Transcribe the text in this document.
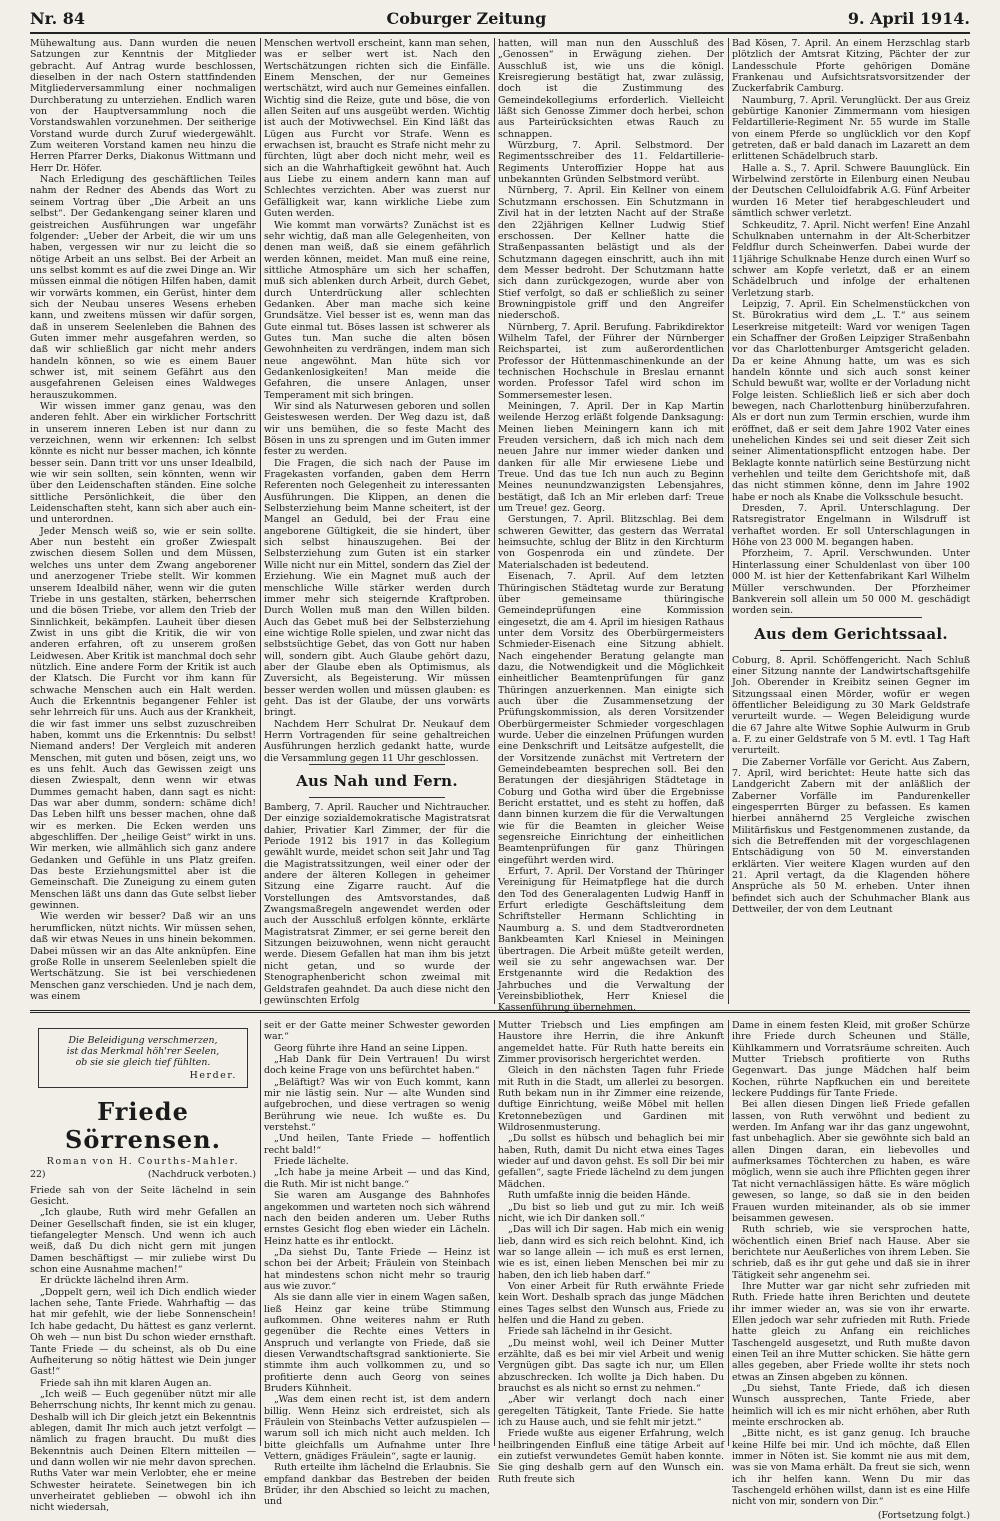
Nr. 84	Coburger Zeitung	9. April 1914.

Mühewaltung aus. Dann wurden die neuen Satzungen zur Kenntnis der Mitglieder gebracht. Auf Antrag wurde beschlossen, dieselben in der nach Ostern stattfindenden Mitgliederversammlung einer nochmaligen Durchberatung zu unterziehen. Endlich waren von der Hauptversammlung noch die Vorstandswahlen vorzunehmen. Der seitherige Vorstand wurde durch Zuruf wiedergewählt. Zum weiteren Vorstand kamen neu hinzu die Herren Pfarrer Derks, Diakonus Wittmann und Herr Dr. Höfer.

Nach Erledigung des geschäftlichen Teiles nahm der Redner des Abends das Wort zu seinem Vortrag über „Die Arbeit an uns selbst“. Der Gedankengang seiner klaren und geistreichen Ausführungen war ungefähr folgender: „Ueber der Arbeit, die wir um uns haben, vergessen wir nur zu leicht die so nötige Arbeit an uns selbst. Bei der Arbeit an uns selbst kommt es auf die zwei Dinge an. Wir müssen einmal die nötigen Hilfen haben, damit wir vorwärts kommen, ein Gerüst, hinter dem sich der Neubau unseres Wesens erheben kann, und zweitens müssen wir dafür sorgen, daß in unserem Seelenleben die Bahnen des Guten immer mehr ausgefahren werden, so daß wir schließlich gar nicht mehr anders handeln können, so wie es einem Bauer schwer ist, mit seinem Gefährt aus den ausgefahrenen Geleisen eines Waldweges herauszukommen.

Wir wissen immer ganz genau, was den anderen fehlt. Aber ein wirklicher Fortschritt in unserem inneren Leben ist nur dann zu verzeichnen, wenn wir erkennen: Ich selbst könnte es nicht nur besser machen, ich könnte besser sein. Dann tritt vor uns unser Idealbild, wie wir sein sollten, sein könnten, wenn wir über den Leidenschaften ständen. Eine solche sittliche Persönlichkeit, die über den Leidenschaften steht, kann sich aber auch ein- und unterordnen.

Jeder Mensch weiß so, wie er sein sollte. Aber nun besteht ein großer Zwiespalt zwischen diesem Sollen und dem Müssen, welches uns unter dem Zwang angeborener und anerzogener Triebe stellt. Wir kommen unserem Idealbild näher, wenn wir die guten Triebe in uns gestalten, stärken, beherrschen und die bösen Triebe, vor allem den Trieb der Sinnlichkeit, bekämpfen. Lauheit über diesen Zwist in uns gibt die Kritik, die wir von anderen erfahren, oft zu unserem großen Leidwesen. Aber Kritik ist manchmal doch sehr nützlich. Eine andere Form der Kritik ist auch der Klatsch. Die Furcht vor ihm kann für schwache Menschen auch ein Halt werden. Auch die Erkenntnis begangener Fehler ist sehr lehrreich für uns. Auch aus der Krankheit, die wir fast immer uns selbst zuzuschreiben haben, kommt uns die Erkenntnis: Du selbst! Niemand anders! Der Vergleich mit anderen Menschen, mit guten und bösen, zeigt uns, wo es uns fehlt. Auch das Gewissen zeigt uns diesen Zwiespalt, denn wenn wir etwas Dummes gemacht haben, dann sagt es nicht: Das war aber dumm, sondern: schäme dich! Das Leben hilft uns besser machen, ohne daß wir es merken. Die Ecken werden uns abgeschliffen. Der „heilige Geist“ wirkt in uns. Wir merken, wie allmählich sich ganz andere Gedanken und Gefühle in uns Platz greifen. Das beste Erziehungsmittel aber ist die Gemeinschaft. Die Zuneigung zu einem guten Menschen läßt uns dann das Gute selbst lieber gewinnen.

Wie werden wir besser? Daß wir an uns herumflicken, nützt nichts. Wir müssen sehen, daß wir etwas Neues in uns hinein bekommen. Dabei müssen wir an das Alte anknüpfen. Eine große Rolle in unserem Seelenleben spielt die Wertschätzung. Sie ist bei verschiedenen Menschen ganz verschieden. Und je nach dem, was einem

Menschen wertvoll erscheint, kann man sehen, was er selber wert ist. Nach den Wertschätzungen richten sich die Einfälle. Einem Menschen, der nur Gemeines wertschätzt, wird auch nur Gemeines einfallen. Wichtig sind die Reize, gute und böse, die von allen Seiten auf uns ausgeübt werden. Wichtig ist auch der Motivwechsel. Ein Kind läßt das Lügen aus Furcht vor Strafe. Wenn es erwachsen ist, braucht es Strafe nicht mehr zu fürchten, lügt aber doch nicht mehr, weil es sich an die Wahrhaftigkeit gewöhnt hat. Auch aus Liebe zu einem andern kann man auf Schlechtes verzichten. Aber was zuerst nur Gefälligkeit war, kann wirkliche Liebe zum Guten werden.

Wie kommt man vorwärts? Zunächst ist es sehr wichtig, daß man alle Gelegenheiten, von denen man weiß, daß sie einem gefährlich werden können, meidet. Man muß eine reine, sittliche Atmosphäre um sich her schaffen, muß sich ablenken durch Arbeit, durch Gebet, durch Unterdrückung aller schlechten Gedanken. Aber man mache sich keine Grundsätze. Viel besser ist es, wenn man das Gute einmal tut. Böses lassen ist schwerer als Gutes tun. Man suche die alten bösen Gewohnheiten zu verdrängen, indem man sich neue angewöhnt. Man hüte sich vor Gedankenlosigkeiten! Man meide die Gefahren, die unsere Anlagen, unser Temperament mit sich bringen.

Wir sind als Naturwesen geboren und sollen Geisteswesen werden. Der Weg dazu ist, daß wir uns bemühen, die so feste Macht des Bösen in uns zu sprengen und im Guten immer fester zu werden.

Die Fragen, die sich nach der Pause im Fragekasten vorfanden, gaben dem Herrn Referenten noch Gelegenheit zu interessanten Ausführungen. Die Klippen, an denen die Selbsterziehung beim Manne scheitert, ist der Mangel an Geduld, bei der Frau eine angeborene Gültigkeit, die sie hindert, über sich selbst hinauszugehen. Bei der Selbsterziehung zum Guten ist ein starker Wille nicht nur ein Mittel, sondern das Ziel der Erziehung. Wie ein Magnet muß auch der menschliche Wille stärker werden durch immer mehr sich steigernde Kraftproben. Durch Wollen muß man den Willen bilden. Auch das Gebet muß bei der Selbsterziehung eine wichtige Rolle spielen, und zwar nicht das selbstsüchtige Gebet, das von Gott nur haben will, sondern gibt. Auch Glaube gehört dazu, aber der Glaube eben als Optimismus, als Zuversicht, als Begeisterung. Wir müssen besser werden wollen und müssen glauben: es geht. Das ist der Glaube, der uns vorwärts bringt.

Nachdem Herr Schulrat Dr. Neukauf dem Herrn Vortragenden für seine gehaltreichen Ausführungen herzlich gedankt hatte, wurde die Versammlung gegen 11 Uhr geschlossen.

Aus Nah und Fern.

Bamberg, 7. April. Raucher und Nichtraucher. Der einzige sozialdemokratische Magistratsrat dahier, Privatier Karl Zimmer, der für die Periode 1912 bis 1917 in das Kollegium gewählt wurde, meidet schon seit Jahr und Tag die Magistratssitzungen, weil einer oder der andere der älteren Kollegen in geheimer Sitzung eine Zigarre raucht. Auf die Vorstellungen des Amtsvorstandes, daß Zwangsmaßregeln angewendet werden oder auch der Ausschluß erfolgen könnte, erklärte Magistratsrat Zimmer, er sei gerne bereit den Sitzungen beizuwohnen, wenn nicht geraucht werde. Diesem Gefallen hat man ihm bis jetzt nicht getan, und so wurde der Stenographenbericht schon zweimal mit Geldstrafen geahndet. Da auch diese nicht den gewünschten Erfolg

hatten, will man nun den Ausschluß des „Genossen“ in Erwägung ziehen. Der Ausschluß ist, wie uns die königl. Kreisregierung bestätigt hat, zwar zulässig, doch ist die Zustimmung des Gemeindekollegiums erforderlich. Vielleicht läßt sich Genosse Zimmer doch herbei, schon aus Parteirücksichten etwas Rauch zu schnappen.

Würzburg, 7. April. Selbstmord. Der Regimentsschreiber des 11. Feldartillerie-Regiments Unteroffizier Hoppe hat aus unbekannten Gründen Selbstmord verübt.

Nürnberg, 7. April. Ein Kellner von einem Schutzmann erschossen. Ein Schutzmann in Zivil hat in der letzten Nacht auf der Straße den 22jährigen Kellner Ludwig Stief erschossen. Der Kellner hatte die Straßenpassanten belästigt und als der Schutzmann dagegen einschritt, auch ihn mit dem Messer bedroht. Der Schutzmann hatte sich dann zurückgezogen, wurde aber von Stief verfolgt, so daß er schließlich zu seiner Browningpistole griff und den Angreifer niederschoß.

Nürnberg, 7. April. Berufung. Fabrikdirektor Wilhelm Tafel, der Führer der Nürnberger Reichspartei, ist zum außerordentlichen Professor der Hüttenmaschinenkunde an der technischen Hochschule in Breslau ernannt worden. Professor Tafel wird schon im Sommersemester lesen.

Meiningen, 7. April. Der in Kap Martin weilende Herzog erläßt folgende Danksagung: Meinen lieben Meiningern kann ich mit Freuden versichern, daß ich mich nach dem neuen Jahre nur immer wieder danken und danken für alle Mir erwiesene Liebe und Treue. Und das tue Ich nun auch zu Beginn Meines neunundzwanzigsten Lebensjahres, bestätigt, daß Ich an Mir erleben darf: Treue um Treue! gez. Georg.

Gerstungen, 7. April. Blitzschlag. Bei dem schweren Gewitter, das gestern das Werratal heimsuchte, schlug der Blitz in den Kirchturm von Gospenroda ein und zündete. Der Materialschaden ist bedeutend.

Eisenach, 7. April. Auf dem letzten Thüringischen Städtetag wurde zur Beratung über gemeinsame thüringische Gemeindeprüfungen eine Kommission eingesetzt, die am 4. April im hiesigen Rathaus unter dem Vorsitz des Oberbürgermeisters Schmieder-Eisenach eine Sitzung abhielt. Nach eingehender Beratung gelangte man dazu, die Notwendigkeit und die Möglichkeit einheitlicher Beamtenprüfungen für ganz Thüringen anzuerkennen. Man einigte sich auch über die Zusammensetzung der Prüfungskommission, als deren Vorsitzender Oberbürgermeister Schmieder vorgeschlagen wurde. Ueber die einzelnen Prüfungen wurden eine Denkschrift und Leitsätze aufgestellt, die der Vorsitzende zunächst mit Vertretern der Gemeindebeamten besprechen soll. Bei den Beratungen der diesjährigen Städtetage in Coburg und Gotha wird über die Ergebnisse Bericht erstattet, und es steht zu hoffen, daß dann binnen kurzem die für die Verwaltungen wie für die Beamten in gleicher Weise segensreiche Einrichtung der einheitlichen Beamtenprüfungen für ganz Thüringen eingeführt werden wird.

Erfurt, 7. April. Der Vorstand der Thüringer Vereinigung für Heimatpflege hat die durch den Tod des Generalagenten Ludwig Hanff in Erfurt erledigte Geschäftsleitung dem Schriftsteller Hermann Schlichting in Naumburg a. S. und dem Stadtverordneten Bankbeamten Karl Kniesel in Meiningen übertragen. Die Arbeit müßte geteilt werden, weil sie zu sehr angewachsen war. Der Erstgenannte wird die Redaktion des Jahrbuches und die Verwaltung der Vereinsbibliothek, Herr Kniesel die Kassenführung übernehmen.

Bad Kösen, 7. April. An einem Herzschlag starb plötzlich der Amtsrat Kitzing, Pächter der zur Landesschule Pforte gehörigen Domäne Frankenau und Aufsichtsratsvorsitzender der Zuckerfabrik Camburg.

Naumburg, 7. April. Verunglückt. Der aus Greiz gebürtige Kanonier Zimmermann vom hiesigen Feldartillerie-Regiment Nr. 55 wurde im Stalle von einem Pferde so unglücklich vor den Kopf getreten, daß er bald danach im Lazarett an dem erlittenen Schädelbruch starb.

Halle a. S., 7. April. Schwere Bauunglück. Ein Wirbelwind zerstörte in Eilenburg einen Neubau der Deutschen Celluloidfabrik A.G. Fünf Arbeiter wurden 16 Meter tief herabgeschleudert und sämtlich schwer verletzt.

Schkeuditz, 7. April. Nicht werfen! Eine Anzahl Schulknaben unternahm in der Alt-Scherbitzer Feldflur durch Scheinwerfen. Dabei wurde der 11jährige Schulknabe Henze durch einen Wurf so schwer am Kopfe verletzt, daß er an einem Schädelbruch und infolge der erhaltenen Verletzung starb.

Leipzig, 7. April. Ein Schelmenstückchen von St. Bürokratius wird dem „L. T.“ aus seinem Leserkreise mitgeteilt: Ward vor wenigen Tagen ein Schaffner der Großen Leipziger Straßenbahn vor das Charlottenburger Amtsgericht geladen. Da er keine Ahnung hatte, um was es sich handeln könnte und sich auch sonst keiner Schuld bewußt war, wollte er der Vorladung nicht Folge leisten. Schließlich ließ er sich aber doch bewegen, nach Charlottenburg hinüberzufahren. Als er dort nun zum Termin erschien, wurde ihm eröffnet, daß er seit dem Jahre 1902 Vater eines unehelichen Kindes sei und seit dieser Zeit sich seiner Alimentationspflicht entzogen habe. Der Beklagte konnte natürlich seine Bestürzung nicht verhehlen und teilte dem Gerichtshofe mit, daß das nicht stimmen könne, denn im Jahre 1902 habe er noch als Knabe die Volksschule besucht.

Dresden, 7. April. Unterschlagung. Der Ratsregistrator Engelmann in Wilsdruff ist verhaftet worden. Er soll Unterschlagungen in Höhe von 23 000 M. begangen haben.

Pforzheim, 7. April. Verschwunden. Unter Hinterlassung einer Schuldenlast von über 100 000 M. ist hier der Kettenfabrikant Karl Wilhelm Müller verschwunden. Der Pforzheimer Bankverein soll allein um 50 000 M. geschädigt worden sein.

Aus dem Gerichtssaal.

Coburg, 8. April. Schöffengericht. Nach Schluß einer Sitzung nannte der Landwirtschaftsgehilfe Joh. Oberender in Kreibitz seinen Gegner im Sitzungssaal einen Mörder, wofür er wegen öffentlicher Beleidigung zu 30 Mark Geldstrafe verurteilt wurde. — Wegen Beleidigung wurde die 67 Jahre alte Witwe Sophie Aulwurm in Grub a. F. zu einer Geldstrafe von 5 M. evtl. 1 Tag Haft verurteilt.

Die Zaberner Vorfälle vor Gericht. Aus Zabern, 7. April, wird berichtet: Heute hatte sich das Landgericht Zabern mit der anläßlich der Zaberner Vorfälle im Pandurenkeller eingesperrten Bürger zu befassen. Es kamen hierbei annähernd 25 Vergleiche zwischen Militärfiskus und Festgenommenen zustande, da sich die Betreffenden mit der vorgeschlagenen Entschädigung von 50 M. einverstanden erklärten. Vier weitere Klagen wurden auf den 21. April vertagt, da die Klagenden höhere Ansprüche als 50 M. erheben. Unter ihnen befindet sich auch der Schuhmacher Blank aus Dettweiler, der von dem Leutnant

Die Beleidigung verschmerzen,
ist das Merkmal höh'rer Seelen,
ob sie sie gleich tief fühlten.
Herder.
Friede Sörrensen.
Roman von H. Courths-Mahler.
22)	(Nachdruck verboten.)

Friede sah von der Seite lächelnd in sein Gesicht.

„Ich glaube, Ruth wird mehr Gefallen an Deiner Gesellschaft finden, sie ist ein kluger, tiefangelegter Mensch. Und wenn ich auch weiß, daß Du dich nicht gern mit jungen Damen beschäftigst — mir zuliebe wirst Du schon eine Ausnahme machen!“

Er drückte lächelnd ihren Arm.

„Doppelt gern, weil ich Dich endlich wieder lachen sehe, Tante Friede. Wahrhaftig — das hat mir gefehlt, wie der liebe Sonnenschein! Ich habe gedacht, Du hättest es ganz verlernt. Oh weh — nun bist Du schon wieder ernsthaft. Tante Friede — du scheinst, als ob Du eine Aufheiterung so nötig hättest wie Dein junger Gast!“

Friede sah ihn mit klaren Augen an.

„Ich weiß — Euch gegenüber nützt mir alle Beherrschung nichts, Ihr kennt mich zu genau. Deshalb will ich Dir gleich jetzt ein Bekenntnis ablegen, damit Ihr mich auch jetzt verfolgt — nämlich zu fragen braucht. Du mußt dies Bekenntnis auch Deinen Eltern mitteilen — und dann wollen wir nie mehr davon sprechen. Ruths Vater war mein Verlobter, ehe er meine Schwester heiratete. Seinetwegen bin ich unverheiratet geblieben — obwohl ich ihn nicht wiedersah,

seit er der Gatte meiner Schwester geworden war.“

Georg führte ihre Hand an seine Lippen.

„Hab Dank für Dein Vertrauen! Du wirst doch keine Frage von uns befürchtet haben.“

„Beläftigt? Was wir von Euch kommt, kann mir nie lästig sein. Nur — alte Wunden sind aufgebrochen, und diese vertragen so wenig Berührung wie neue. Ich wußte es. Du verstehst.“

„Und heilen, Tante Friede — hoffentlich recht bald!“

Friede lächelte.

„Ich habe ja meine Arbeit — und das Kind, die Ruth. Mir ist nicht bange.“

Sie waren am Ausgange des Bahnhofes angekommen und warteten noch sich während nach den beiden anderen um. Ueber Ruths ernstes Gesicht flog eben wieder ein Lächeln. Heinz hatte es ihr entlockt.

„Da siehst Du, Tante Friede — Heinz ist schon bei der Arbeit; Fräulein von Steinbach hat mindestens schon nicht mehr so traurig aus wie zuvor.“

Als sie dann alle vier in einem Wagen saßen, ließ Heinz gar keine trübe Stimmung aufkommen. Ohne weiteres nahm er Ruth gegenüber die Rechte eines Vetters in Anspruch und verlangte von Friede, daß sie diesen Verwandtschaftsgrad sanktionierte. Sie stimmte ihm auch vollkommen zu, und so profitierte denn auch Georg von seines Bruders Kühnheit.

„Was dem einen recht ist, ist dem andern billig. Wenn Heinz sich erdreistet, sich als Fräulein von Steinbachs Vetter aufzuspielen — warum soll ich mich nicht auch melden. Ich bitte gleichfalls um Aufnahme unter Ihre Vettern, gnädiges Fräulein“, sagte er launig.

Ruth erteilte ihm lächelnd die Erlaubnis. Sie empfand dankbar das Bestreben der beiden Brüder, ihr den Abschied so leicht zu machen, und

Mutter Triebsch und Lies empfingen am Haustore ihre Herrin, die ihre Ankunft angemeldet hatte. Für Ruth hatte bereits ein Zimmer provisorisch hergerichtet werden.

Gleich in den nächsten Tagen fuhr Friede mit Ruth in die Stadt, um allerlei zu besorgen. Ruth bekam nun in ihr Zimmer eine reizende, duftige Einrichtung, weiße Möbel mit hellen Kretonnebezügen und Gardinen mit Wildrosenmusterung.

„Du sollst es hübsch und behaglich bei mir haben, Ruth, damit Du nicht etwa eines Tages wieder auf und davon gehst. Es soll Dir bei mir gefallen“, sagte Friede lächelnd zu dem jungen Mädchen.

Ruth umfaßte innig die beiden Hände.

„Du bist so lieb und gut zu mir. Ich weiß nicht, wie ich Dir danken soll.“

„Das will ich Dir sagen. Hab mich ein wenig lieb, dann wird es sich reich belohnt. Kind, ich war so lange allein — ich muß es erst lernen, wie es ist, einen lieben Menschen bei mir zu haben, den ich lieb haben darf.“

Von einer Arbeit für Ruth erwähnte Friede kein Wort. Deshalb sprach das junge Mädchen eines Tages selbst den Wunsch aus, Friede zu helfen und die Hand zu geben.

Friede sah lächelnd in ihr Gesicht.

„Du meinst wohl, weil ich Deiner Mutter erzählte, daß es bei mir viel Arbeit und wenig Vergnügen gibt. Das sagte ich nur, um Ellen abzuschrecken. Ich wollte ja Dich haben. Du brauchst es als nicht so ernst zu nehmen.“

„Aber wir verlangt doch nach einer geregelten Tätigkeit, Tante Friede. Sie hatte ich zu Hause auch, und sie fehlt mir jetzt.“

Friede wußte aus eigener Erfahrung, welch heilbringenden Einfluß eine tätige Arbeit auf ein zutiefst verwundetes Gemüt haben konnte. Sie ging deshalb gern auf den Wunsch ein. Ruth freute sich

Dame in einem festen Kleid, mit großer Schürze ihre Friede durch Scheunen und Ställe, Kühlkammern und Vorratsräume schreiten. Auch Mutter Triebsch profitierte von Ruths Gegenwart. Das junge Mädchen half beim Kochen, rührte Napfkuchen ein und bereitete leckere Puddings für Tante Friede.

Bei allen diesen Dingen ließ Friede gefallen lassen, von Ruth verwöhnt und bedient zu werden. Im Anfang war ihr das ganz ungewohnt, fast unbehaglich. Aber sie gewöhnte sich bald an allen Dingen daran, ein liebevolles und aufmerksames Töchterchen zu haben, es wäre möglich, wenn sie auch ihre Pflichten gegen ihrer Tat nicht vernachlässigen hätte. Es wäre möglich gewesen, so lange, so daß sie in den beiden Frauen wurden miteinander, als ob sie immer beisammen gewesen.

Ruth schrieb, wie sie versprochen hatte, wöchentlich einen Brief nach Hause. Aber sie berichtete nur Aeußerliches von ihrem Leben. Sie schrieb, daß es ihr gut gehe und daß sie in ihrer Tätigkeit sehr angenehm sei.

Ihre Mutter war gar nicht sehr zufrieden mit Ruth. Friede hatte ihren Berichten und deutete ihr immer wieder an, was sie von ihr erwarte. Ellen jedoch war sehr zufrieden mit Ruth. Friede hatte gleich zu Anfang ein reichliches Taschengeld ausgesetzt, und Ruth mußte davon einen Teil an ihre Mutter schicken. Sie hätte gern alles gegeben, aber Friede wollte ihr stets noch etwas an Zinsen abgeben zu können.

„Du siehst, Tante Friede, daß ich diesen Wunsch aussprechen, Tante Friede, aber heimlich will ich es mir nicht erhöhen, aber Ruth meinte erschrocken ab.

„Bitte nicht, es ist ganz genug. Ich brauche keine Hilfe bei mir. Und ich möchte, daß Ellen immer in Nöten ist. Sie kommt nie aus mit dem, was sie von Mama erhält. Da freut sie sich, wenn ich ihr helfen kann. Wenn Du mir das Taschengeld erhöhen willst, dann ist es eine Hilfe nicht von mir, sondern von Dir.“

(Fortsetzung folgt.)
